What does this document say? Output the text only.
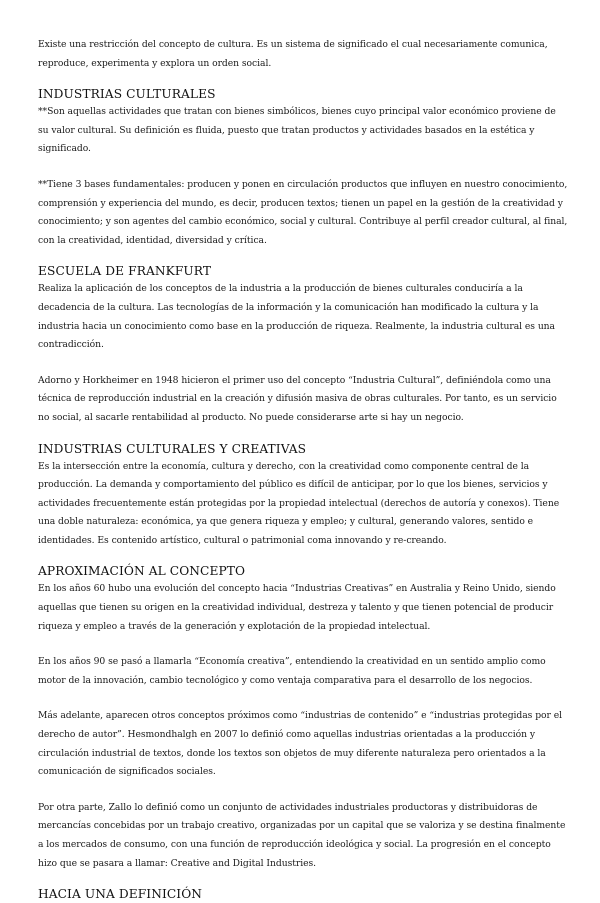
Existe una restricción del concepto de cultura. Es un sistema de significado el cual necesariamente comunica, reproduce, experimenta y explora un orden social.

INDUSTRIAS CULTURALES

**Son aquellas actividades que tratan con bienes simbólicos, bienes cuyo principal valor económico proviene de su valor cultural. Su definición es fluida, puesto que tratan productos y actividades basados en la estética y significado.

**Tiene 3 bases fundamentales: producen y ponen en circulación productos que influyen en nuestro conocimiento, comprensión y experiencia del mundo, es decir, producen textos; tienen un papel en la gestión de la creatividad y conocimiento; y son agentes del cambio económico, social y cultural. Contribuye al perfil creador cultural, al final, con la creatividad, identidad, diversidad y crítica.

ESCUELA DE FRANKFURT

Realiza la aplicación de los conceptos de la industria a la producción de bienes culturales conduciría a la decadencia de la cultura. Las tecnologías de la información y la comunicación han modificado la cultura y la industria hacia un conocimiento como base en la producción de riqueza. Realmente, la industria cultural es una contradicción.

Adorno y Horkheimer en 1948 hicieron el primer uso del concepto “Industria Cultural”, definiéndola como una técnica de reproducción industrial en la creación y difusión masiva de obras culturales. Por tanto, es un servicio no social, al sacarle rentabilidad al producto. No puede considerarse arte si hay un negocio.

INDUSTRIAS CULTURALES Y CREATIVAS

Es la intersección entre la economía, cultura y derecho, con la creatividad como componente central de la producción. La demanda y comportamiento del público es difícil de anticipar, por lo que los bienes, servicios y actividades frecuentemente están protegidas por la propiedad intelectual (derechos de autoría y conexos). Tiene una doble naturaleza: económica, ya que genera riqueza y empleo; y cultural, generando valores, sentido e identidades. Es contenido artístico, cultural o patrimonial coma innovando y re-creando.

APROXIMACIÓN AL CONCEPTO

En los años 60 hubo una evolución del concepto hacia “Industrias Creativas” en Australia y Reino Unido, siendo aquellas que tienen su origen en la creatividad individual, destreza y talento y que tienen potencial de producir riqueza y empleo a través de la generación y explotación de la propiedad intelectual.

En los años 90 se pasó a llamarla “Economía creativa”, entendiendo la creatividad en un sentido amplio como motor de la innovación, cambio tecnológico y como ventaja comparativa para el desarrollo de los negocios.

Más adelante, aparecen otros conceptos próximos como “industrias de contenido” e “industrias protegidas por el derecho de autor”. Hesmondhalgh en 2007 lo definió como aquellas industrias orientadas a la producción y circulación industrial de textos, donde los textos son objetos de muy diferente naturaleza pero orientados a la comunicación de significados sociales.

Por otra parte, Zallo lo definió como un conjunto de actividades industriales productoras y distribuidoras de mercancías concebidas por un trabajo creativo, organizadas por un capital que se valoriza y se destina finalmente a los mercados de consumo, con una función de reproducción ideológica y social. La progresión en el concepto hizo que se pasara a llamar: Creative and Digital Industries.

HACIA UNA DEFINICIÓN
